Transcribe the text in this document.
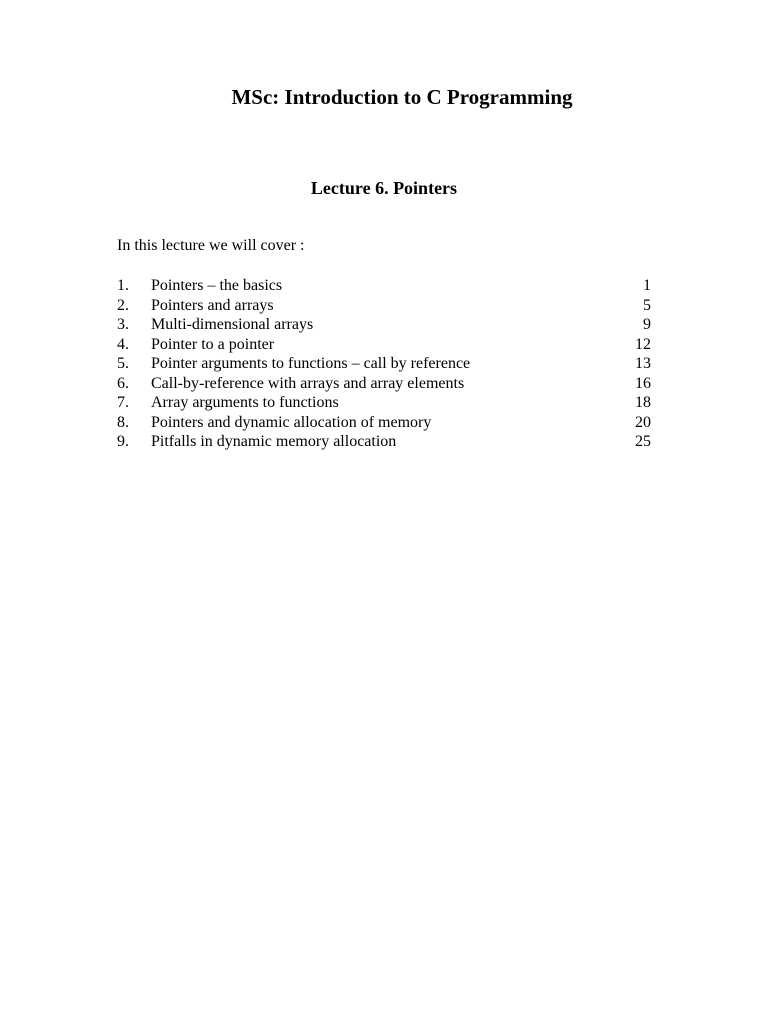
MSc: Introduction to C Programming
Lecture 6. Pointers

In this lecture we will cover :

1.	Pointers – the basics	1
2.	Pointers and arrays	5
3.	Multi-dimensional arrays	9
4.	Pointer to a pointer	12
5.	Pointer arguments to functions – call by reference	13
6.	Call-by-reference with arrays and array elements	16
7.	Array arguments to functions	18
8.	Pointers and dynamic allocation of memory	20
9.	Pitfalls in dynamic memory allocation	25
